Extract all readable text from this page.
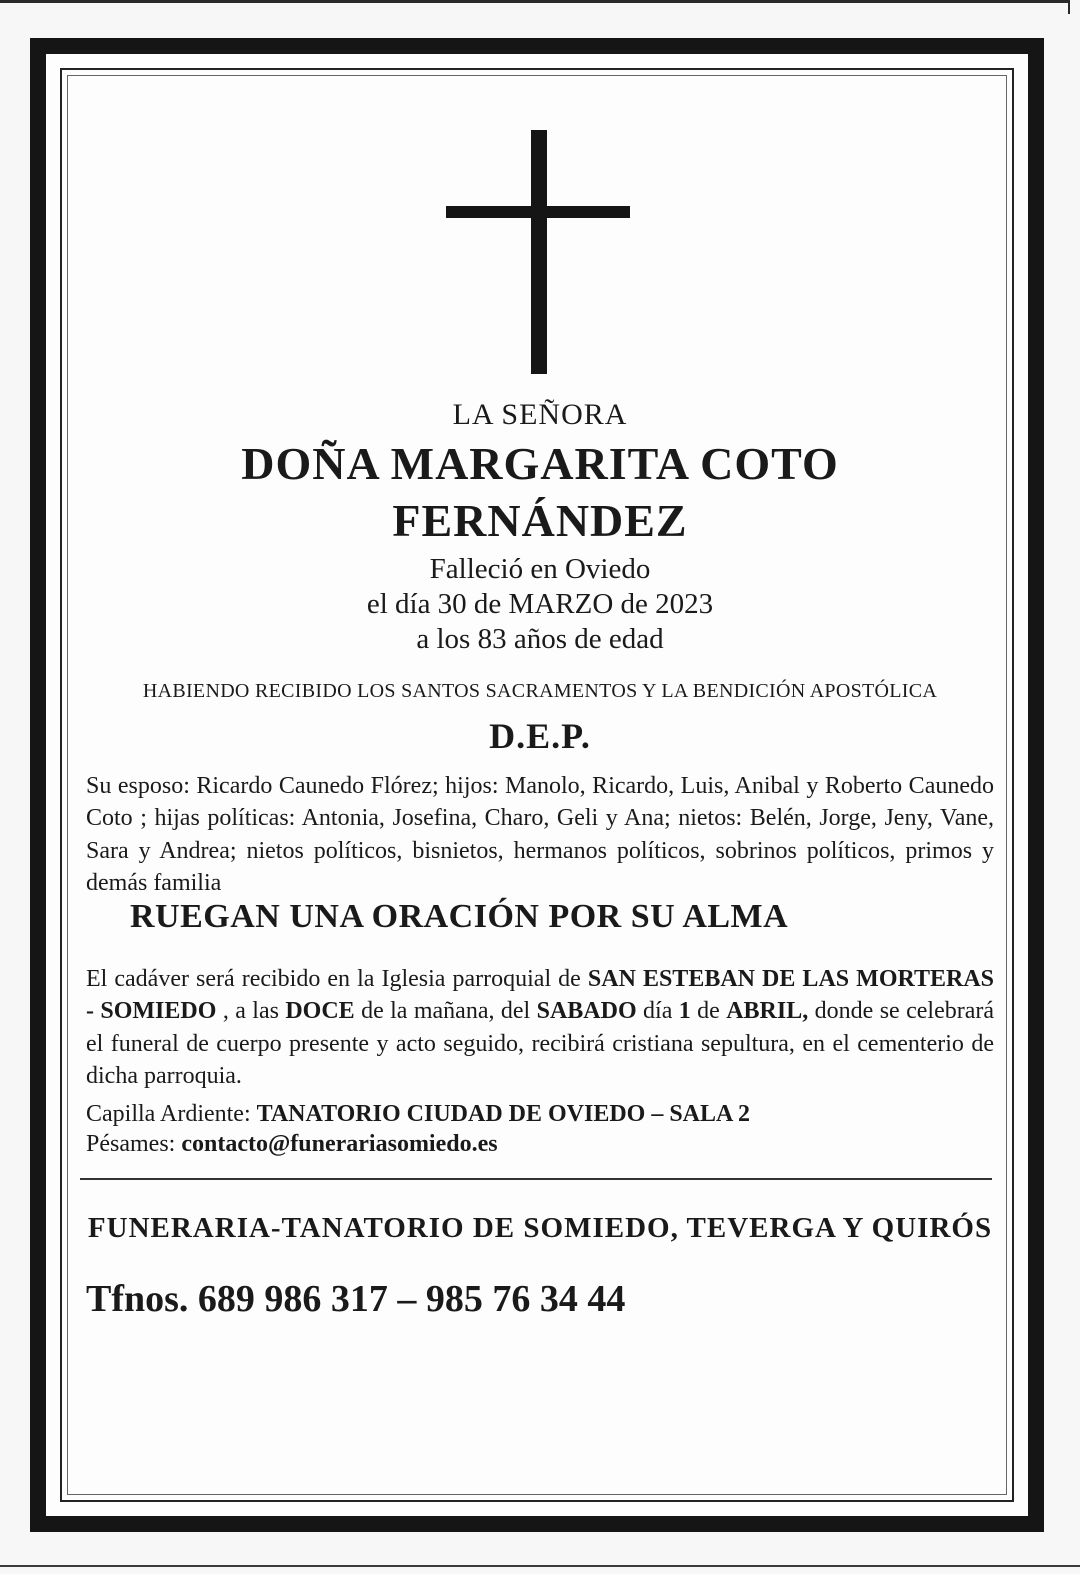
LA SEÑORA
DOÑA MARGARITA COTO
FERNÁNDEZ
Falleció en Oviedo
el día 30 de MARZO de 2023
a los 83 años de edad
HABIENDO RECIBIDO LOS SANTOS SACRAMENTOS Y LA BENDICIÓN APOSTÓLICA
D.E.P.
Su esposo: Ricardo Caunedo Flórez; hijos: Manolo, Ricardo, Luis, Anibal y Roberto Caunedo Coto ; hijas políticas: Antonia, Josefina, Charo, Geli y Ana; nietos: Belén, Jorge, Jeny, Vane, Sara y Andrea; nietos políticos, bisnietos, hermanos políticos, sobrinos políticos, primos y demás familia
RUEGAN UNA ORACIÓN POR SU ALMA
El cadáver será recibido en la Iglesia parroquial de SAN ESTEBAN DE LAS MORTERAS - SOMIEDO , a las DOCE de la mañana, del SABADO día 1 de ABRIL, donde se celebrará el funeral de cuerpo presente y acto seguido, recibirá cristiana sepultura, en el cementerio de dicha parroquia.
Capilla Ardiente: TANATORIO CIUDAD DE OVIEDO – SALA 2
Pésames: contacto@funerariasomiedo.es
FUNERARIA-TANATORIO DE SOMIEDO, TEVERGA Y QUIRÓS
Tfnos. 689 986 317 – 985 76 34 44
